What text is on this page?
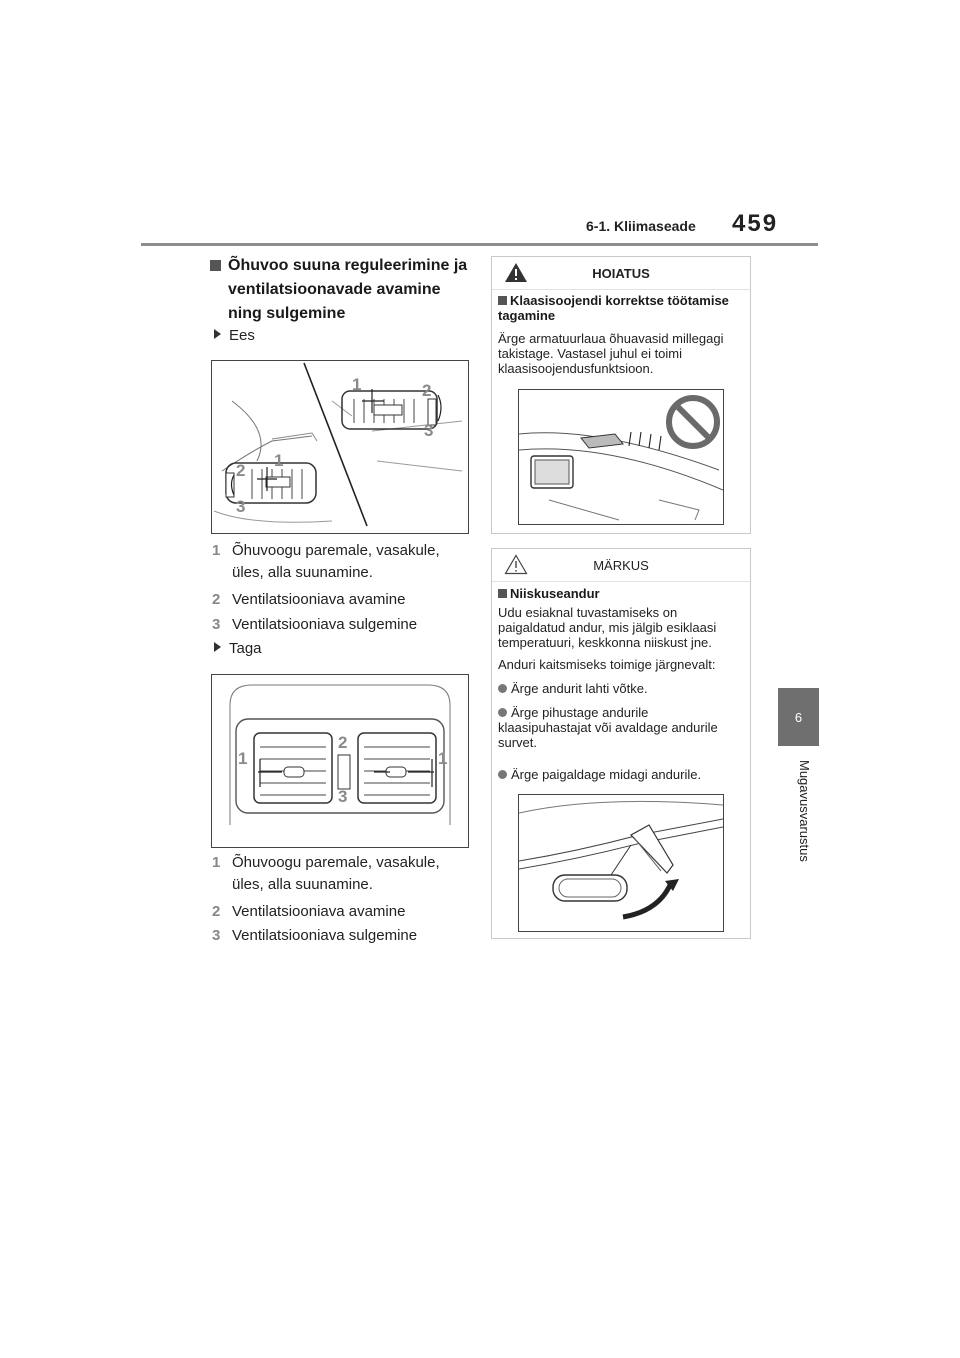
6-1. Kliimaseade 459
6
Mugavusvarustus
Õhuvoo suuna reguleerimine ja ventilatsioonavade avamine ning sulgemine
Ees
1	2
3
1
2
3
1 Õhuvoogu paremale, vasakule, üles, alla suunamine.
2 Ventilatsiooniava avamine
3 Ventilatsiooniava sulgemine
Taga
1	1
2
3
1 Õhuvoogu paremale, vasakule, üles, alla suunamine.
2 Ventilatsiooniava avamine
3 Ventilatsiooniava sulgemine
HOIATUS
Klaasisoojendi korrektse töötamise tagamine
Ärge armatuurlaua õhuavasid millegagi takistage. Vastasel juhul ei toimi klaasisoojendusfunktsioon.
MÄRKUS
Niiskuseandur
Udu esiaknal tuvastamiseks on paigaldatud andur, mis jälgib esiklaasi temperatuuri, keskkonna niiskust jne.
Anduri kaitsmiseks toimige järgnevalt:
Ärge andurit lahti võtke.
Ärge pihustage andurile klaasipuhastajat või avaldage andurile survet.
Ärge paigaldage midagi andurile.
